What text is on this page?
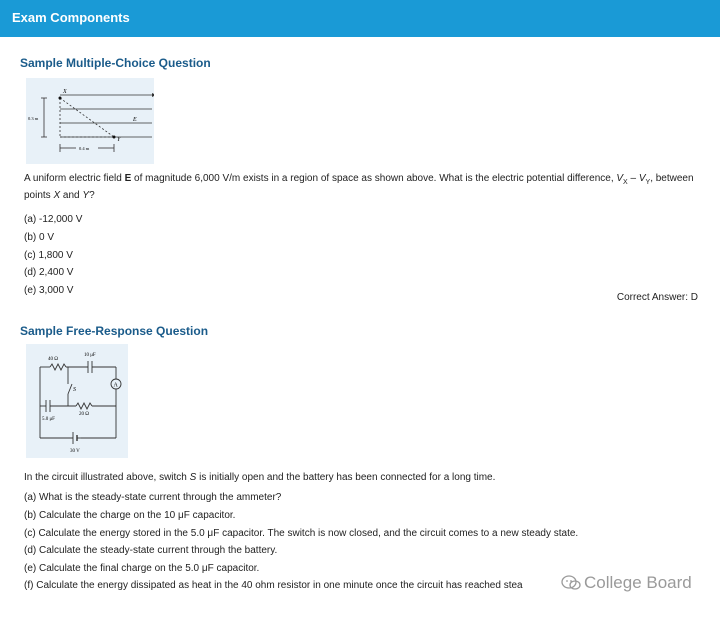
Exam Components
Sample Multiple-Choice Question
X
Y
E
0.3 m
0.4 m
A uniform electric field E of magnitude 6,000 V/m exists in a region of space as shown above. What is the electric potential difference, $V_X - V_Y$, between points X and Y?
(a) -12,000 V
(b) 0 V
(c) 1,800 V
(d) 2,400 V
(e) 3,000 V
Correct Answer: D
Sample Free-Response Question
A
40 Ω
10 μF
S
5.0 μF
20 Ω
30 V
In the circuit illustrated above, switch S is initially open and the battery has been connected for a long time.
(a) What is the steady-state current through the ammeter?
(b) Calculate the charge on the 10 μF capacitor.
(c) Calculate the energy stored in the 5.0 μF capacitor. The switch is now closed, and the circuit comes to a new steady state.
(d) Calculate the steady-state current through the battery.
(e) Calculate the final charge on the 5.0 μF capacitor.
(f) Calculate the energy dissipated as heat in the 40 ohm resistor in one minute once the circuit has reached stea	College Board
